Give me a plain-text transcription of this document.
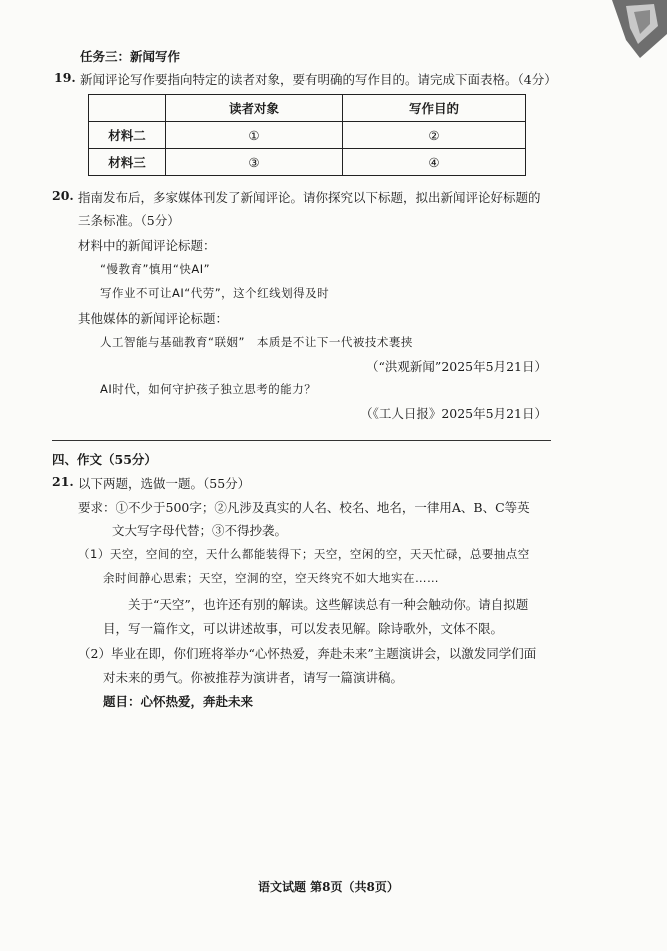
任务三：新闻写作
19. 新闻评论写作要指向特定的读者对象，要有明确的写作目的。请完成下面表格。（4分）
	读者对象	写作目的
材料二	①	②
材料三	③	④
20. 指南发布后，多家媒体刊发了新闻评论。请你探究以下标题，拟出新闻评论好标题的
三条标准。（5分）
材料中的新闻评论标题：
“慢教育”慎用“快AI”
写作业不可让AI“代劳”，这个红线划得及时
其他媒体的新闻评论标题：
人工智能与基础教育“联姻”　本质是不让下一代被技术裹挟
（“洪观新闻”2025年5月21日）
AI时代，如何守护孩子独立思考的能力？
（《工人日报》2025年5月21日）
四、作文（55分）
21. 以下两题，选做一题。（55分）
要求：①不少于500字；②凡涉及真实的人名、校名、地名，一律用A、B、C等英
文大写字母代替；③不得抄袭。
（1）天空，空间的空，天什么都能装得下；天空，空闲的空，天天忙碌，总要抽点空
余时间静心思索；天空，空洞的空，空天终究不如大地实在……
关于“天空”，也许还有别的解读。这些解读总有一种会触动你。请自拟题
目，写一篇作文，可以讲述故事，可以发表见解。除诗歌外，文体不限。
（2）毕业在即，你们班将举办“心怀热爱，奔赴未来”主题演讲会，以激发同学们面
对未来的勇气。你被推荐为演讲者，请写一篇演讲稿。
题目：心怀热爱，奔赴未来
语文试题 第8页（共8页）
